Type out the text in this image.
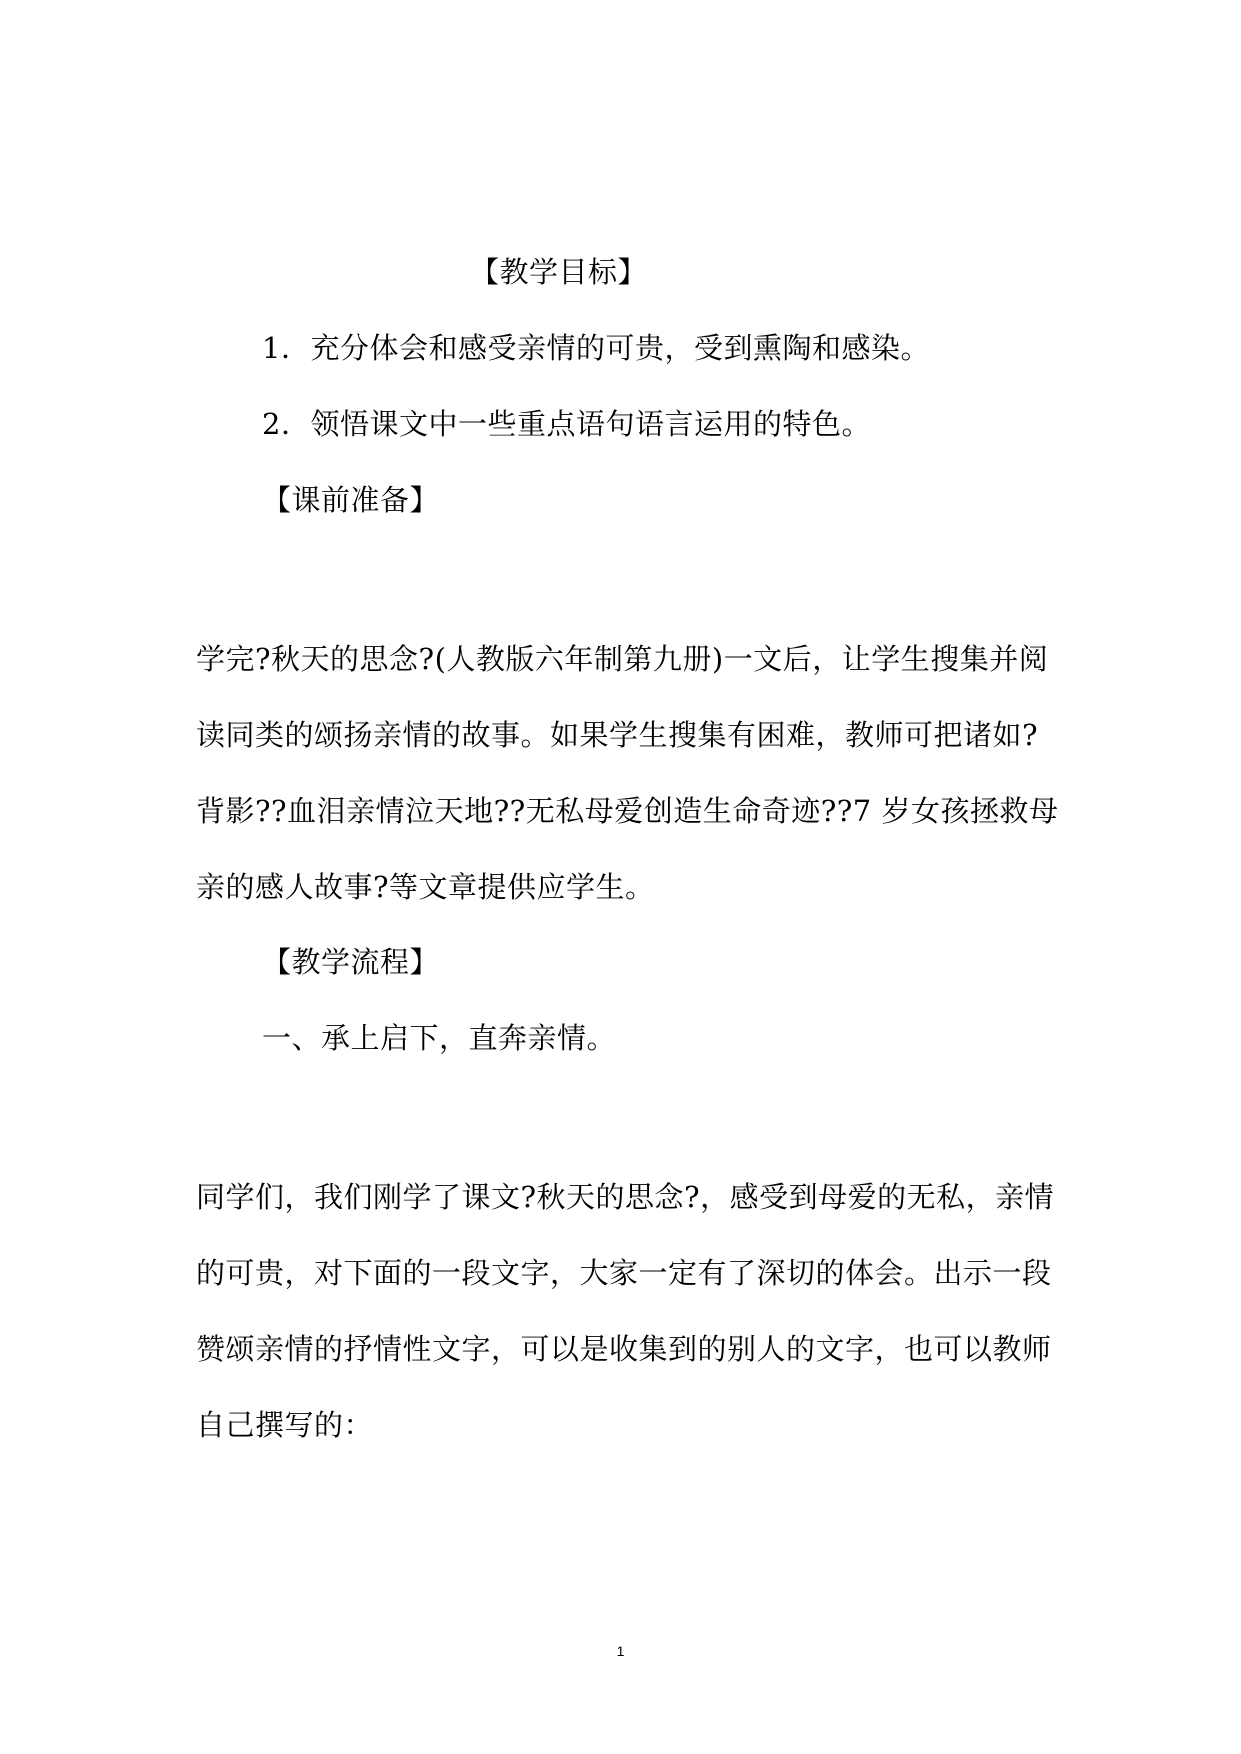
【教学目标】
1．充分体会和感受亲情的可贵，受到熏陶和感染。
2．领悟课文中一些重点语句语言运用的特色。
【课前准备】
学完?秋天的思念?(人教版六年制第九册)一文后，让学生搜集并阅
读同类的颂扬亲情的故事。如果学生搜集有困难，教师可把诸如?
背影??血泪亲情泣天地??无私母爱创造生命奇迹??7 岁女孩拯救母
亲的感人故事?等文章提供应学生。
【教学流程】
一、承上启下，直奔亲情。
同学们，我们刚学了课文?秋天的思念?，感受到母爱的无私，亲情
的可贵，对下面的一段文字，大家一定有了深切的体会。出示一段
赞颂亲情的抒情性文字，可以是收集到的别人的文字，也可以教师
自己撰写的：
1
